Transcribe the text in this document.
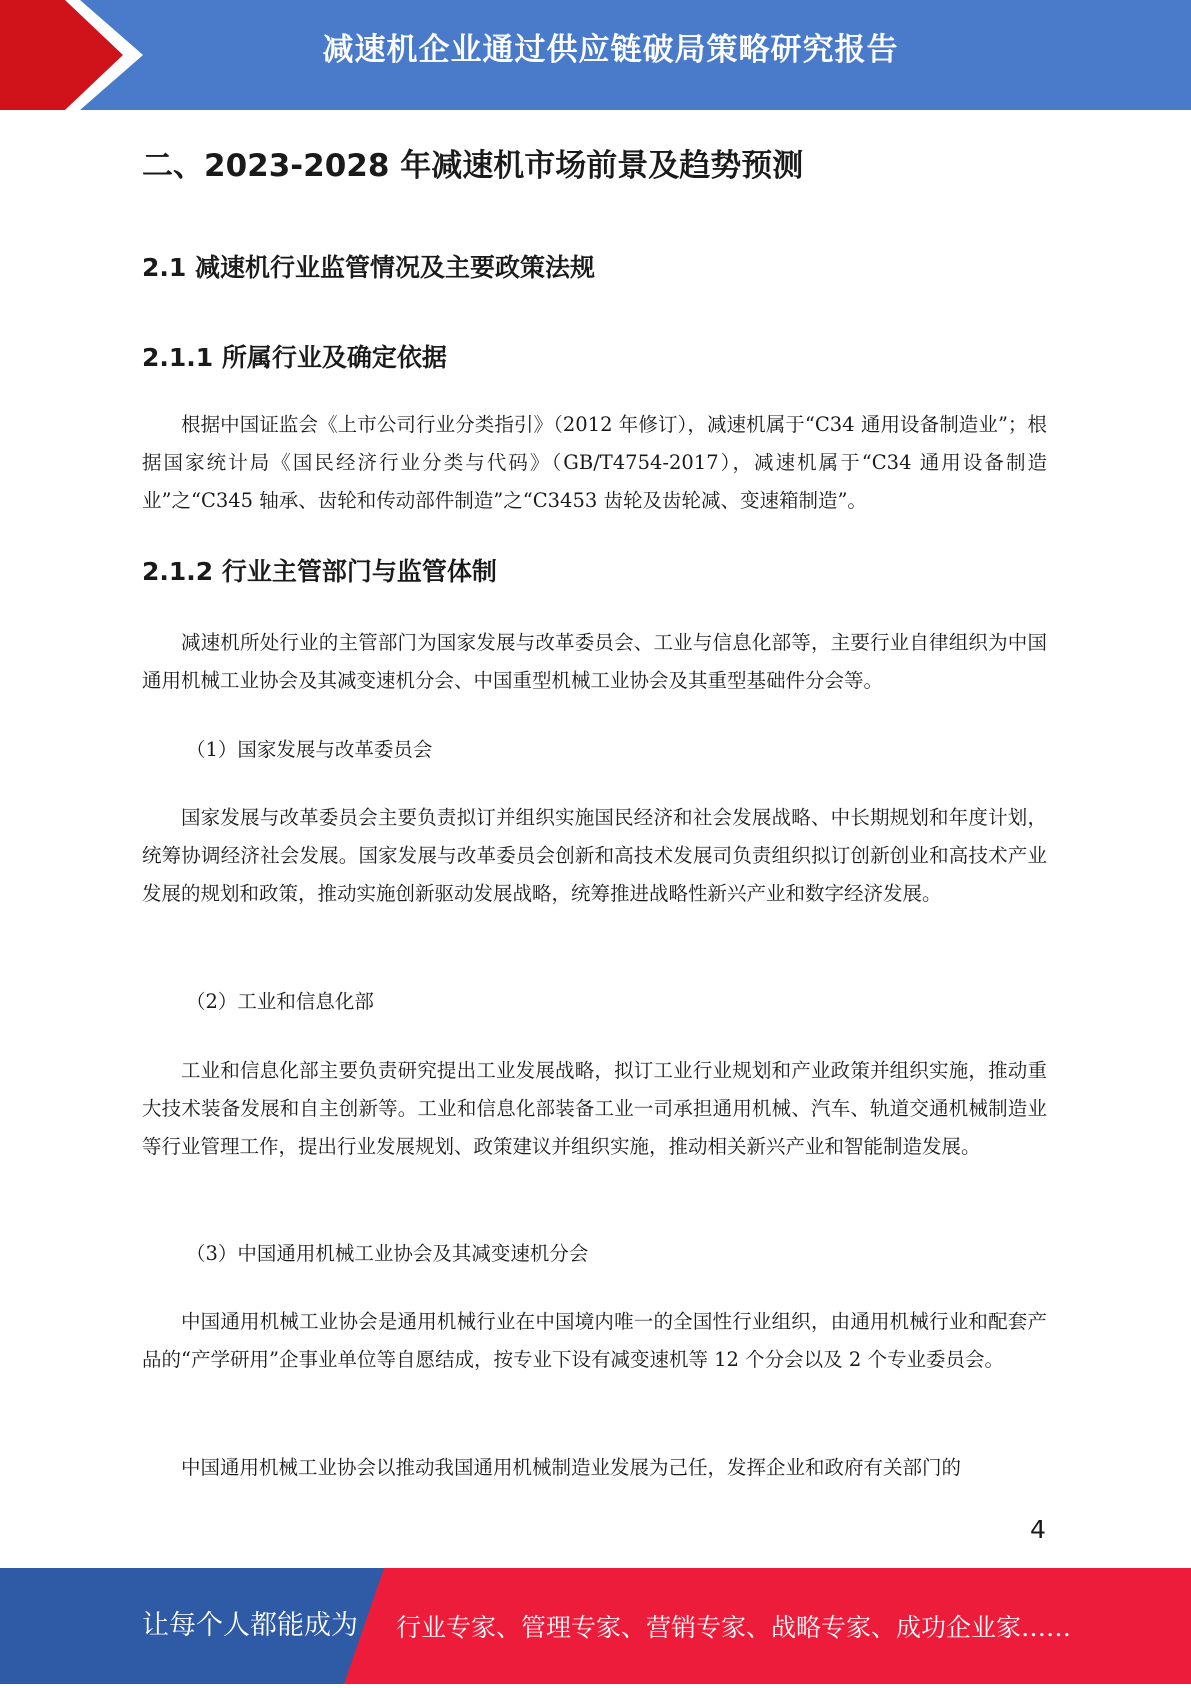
减速机企业通过供应链破局策略研究报告
二、2023-2028 年减速机市场前景及趋势预测
2.1 减速机行业监管情况及主要政策法规
2.1.1 所属行业及确定依据

根据中国证监会《上市公司行业分类指引》（2012 年修订），减速机属于“C34 通用设备制造业”；根据国家统计局《国民经济行业分类与代码》（GB/T4754-2017），减速机属于“C34 通用设备制造业”之“C345 轴承、齿轮和传动部件制造”之“C3453 齿轮及齿轮减、变速箱制造”。

2.1.2 行业主管部门与监管体制

减速机所处行业的主管部门为国家发展与改革委员会、工业与信息化部等，主要行业自律组织为中国通用机械工业协会及其减变速机分会、中国重型机械工业协会及其重型基础件分会等。

（1）国家发展与改革委员会

国家发展与改革委员会主要负责拟订并组织实施国民经济和社会发展战略、中长期规划和年度计划，统筹协调经济社会发展。国家发展与改革委员会创新和高技术发展司负责组织拟订创新创业和高技术产业发展的规划和政策，推动实施创新驱动发展战略，统筹推进战略性新兴产业和数字经济发展。

（2）工业和信息化部

工业和信息化部主要负责研究提出工业发展战略，拟订工业行业规划和产业政策并组织实施，推动重大技术装备发展和自主创新等。工业和信息化部装备工业一司承担通用机械、汽车、轨道交通机械制造业等行业管理工作，提出行业发展规划、政策建议并组织实施，推动相关新兴产业和智能制造发展。

（3）中国通用机械工业协会及其减变速机分会

中国通用机械工业协会是通用机械行业在中国境内唯一的全国性行业组织，由通用机械行业和配套产品的“产学研用”企事业单位等自愿结成，按专业下设有减变速机等 12 个分会以及 2 个专业委员会。

中国通用机械工业协会以推动我国通用机械制造业发展为己任，发挥企业和政府有关部门的

4
让每个人都能成为 行业专家、管理专家、营销专家、战略专家、成功企业家……
